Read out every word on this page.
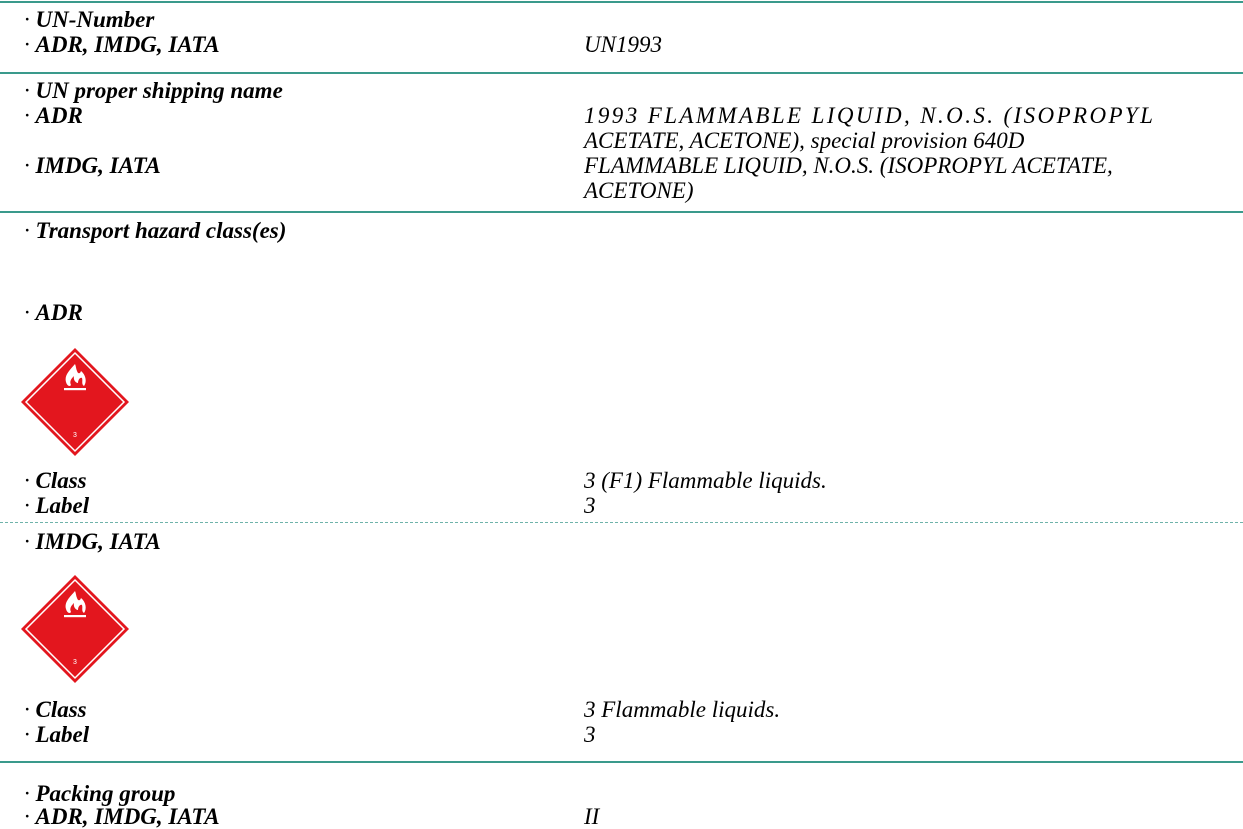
· UN-Number
· ADR, IMDG, IATA	UN1993
· UN proper shipping name
· ADR	1993 FLAMMABLE LIQUID, N.O.S. (ISOPROPYL
ACETATE, ACETONE), special provision 640D
· IMDG, IATA	FLAMMABLE LIQUID, N.O.S. (ISOPROPYL ACETATE,
ACETONE)
· Transport hazard class(es)
· ADR
3
· Class	3 (F1) Flammable liquids.
· Label	3
· IMDG, IATA
3
· Class	3 Flammable liquids.
· Label	3
· Packing group
· ADR, IMDG, IATA	II
